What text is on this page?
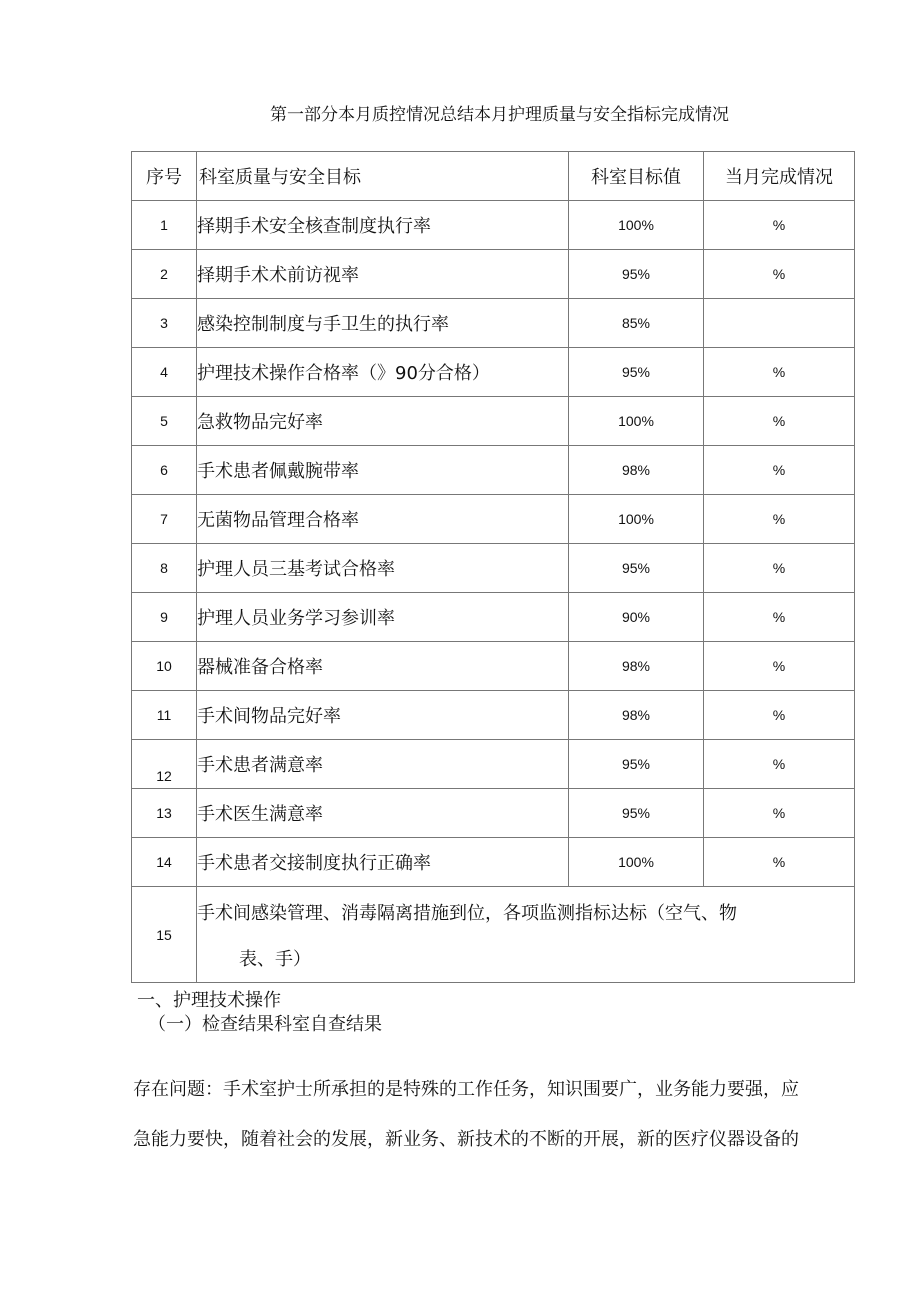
第一部分本月质控情况总结本月护理质量与安全指标完成情况
序号	科室质量与安全目标	科室目标值	当月完成情况
1	择期手术安全核查制度执行率	100%	%
2	择期手术术前访视率	95%	%
3	感染控制制度与手卫生的执行率	85%	
4	护理技术操作合格率（》90分合格）	95%	%
5	急救物品完好率	100%	%
6	手术患者佩戴腕带率	98%	%
7	无菌物品管理合格率	100%	%
8	护理人员三基考试合格率	95%	%
9	护理人员业务学习参训率	90%	%
10	器械准备合格率	98%	%
11	手术间物品完好率	98%	%
12	手术患者满意率	95%	%
13	手术医生满意率	95%	%
14	手术患者交接制度执行正确率	100%	%
15	手术间感染管理、消毒隔离措施到位，各项监测指标达标（空气、物
表、手）		
一、护理技术操作
（一）检查结果科室自查结果
存在问题：手术室护士所承担的是特殊的工作任务，知识围要广，业务能力要强，应
急能力要快，随着社会的发展，新业务、新技术的不断的开展，新的医疗仪器设备的
